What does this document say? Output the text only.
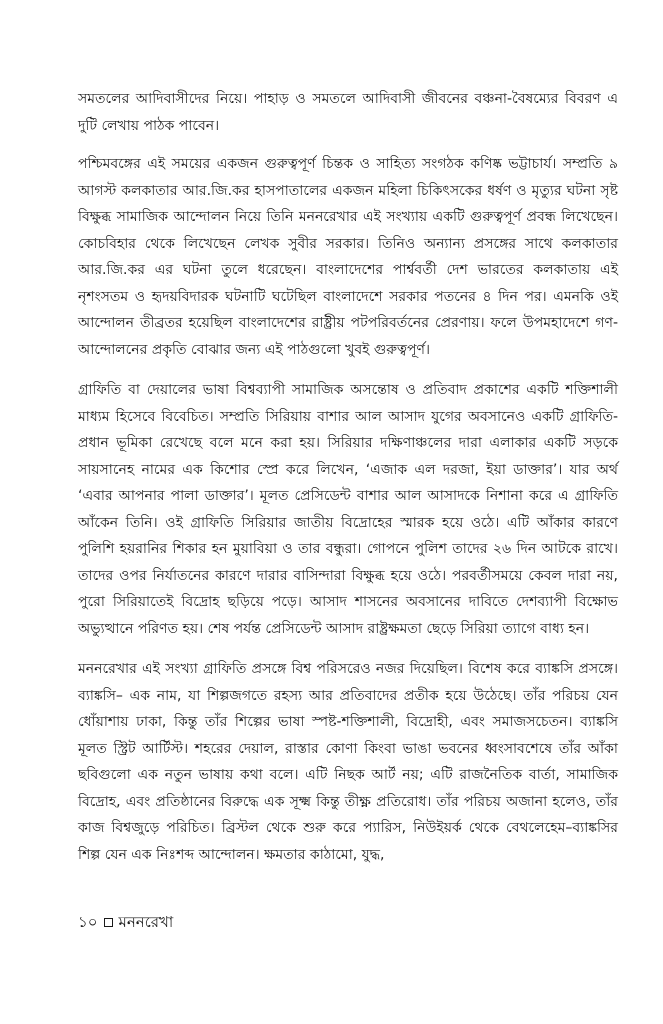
সমতলের আদিবাসীদের নিয়ে। পাহাড় ও সমতলে আদিবাসী জীবনের বঞ্চনা-বৈষম্যের বিবরণ এ দুটি লেখায় পাঠক পাবেন।

পশ্চিমবঙ্গের এই সময়ের একজন গুরুত্বপূর্ণ চিন্তক ও সাহিত্য সংগঠক কণিষ্ক ভট্টাচার্য। সম্প্রতি ৯ আগস্ট কলকাতার আর.জি.কর হাসপাতালের একজন মহিলা চিকিৎসকের ধর্ষণ ও মৃত্যুর ঘটনা সৃষ্ট বিক্ষুব্ধ সামাজিক আন্দোলন নিয়ে তিনি মননরেখার এই সংখ্যায় একটি গুরুত্বপূর্ণ প্রবন্ধ লিখেছেন। কোচবিহার থেকে লিখেছেন লেখক সুবীর সরকার। তিনিও অন্যান্য প্রসঙ্গের সাথে কলকাতার আর.জি.কর এর ঘটনা তুলে ধরেছেন। বাংলাদেশের পার্শ্ববর্তী দেশ ভারতের কলকাতায় এই নৃশংসতম ও হৃদয়বিদারক ঘটনাটি ঘটেছিল বাংলাদেশে সরকার পতনের ৪ দিন পর। এমনকি ওই আন্দোলন তীব্রতর হয়েছিল বাংলাদেশের রাষ্ট্রীয় পটপরিবর্তনের প্রেরণায়। ফলে উপমহাদেশে গণ-আন্দোলনের প্রকৃতি বোঝার জন্য এই পাঠগুলো খুবই গুরুত্বপূর্ণ।

গ্রাফিতি বা দেয়ালের ভাষা বিশ্বব্যাপী সামাজিক অসন্তোষ ও প্রতিবাদ প্রকাশের একটি শক্তিশালী মাধ্যম হিসেবে বিবেচিত। সম্প্রতি সিরিয়ায় বাশার আল আসাদ যুগের অবসানেও একটি গ্রাফিতি-প্রধান ভূমিকা রেখেছে বলে মনে করা হয়। সিরিয়ার দক্ষিণাঞ্চলের দারা এলাকার একটি সড়কে সায়সানেহ নামের এক কিশোর স্প্রে করে লিখেন, ‘এজাক এল দরজা, ইয়া ডাক্তার’। যার অর্থ ‘এবার আপনার পালা ডাক্তার’। মূলত প্রেসিডেন্ট বাশার আল আসাদকে নিশানা করে এ গ্রাফিতি আঁকেন তিনি। ওই গ্রাফিতি সিরিয়ার জাতীয় বিদ্রোহের স্মারক হয়ে ওঠে। এটি আঁকার কারণে পুলিশি হয়রানির শিকার হন মুয়াবিয়া ও তার বন্ধুরা। গোপনে পুলিশ তাদের ২৬ দিন আটকে রাখে। তাদের ওপর নির্যাতনের কারণে দারার বাসিন্দারা বিক্ষুব্ধ হয়ে ওঠে। পরবর্তীসময়ে কেবল দারা নয়, পুরো সিরিয়াতেই বিদ্রোহ ছড়িয়ে পড়ে। আসাদ শাসনের অবসানের দাবিতে দেশব্যাপী বিক্ষোভ অভ্যুত্থানে পরিণত হয়। শেষ পর্যন্ত প্রেসিডেন্ট আসাদ রাষ্ট্রক্ষমতা ছেড়ে সিরিয়া ত্যাগে বাধ্য হন।

মননরেখার এই সংখ্যা গ্রাফিতি প্রসঙ্গে বিশ্ব পরিসরেও নজর দিয়েছিল। বিশেষ করে ব্যাঙ্কসি প্রসঙ্গে। ব্যাঙ্কসি– এক নাম, যা শিল্পজগতে রহস্য আর প্রতিবাদের প্রতীক হয়ে উঠেছে। তাঁর পরিচয় যেন ধোঁয়াশায় ঢাকা, কিন্তু তাঁর শিল্পের ভাষা স্পষ্ট-শক্তিশালী, বিদ্রোহী, এবং সমাজসচেতন। ব্যাঙ্কসি মূলত স্ট্রিট আর্টিস্ট। শহরের দেয়াল, রাস্তার কোণা কিংবা ভাঙা ভবনের ধ্বংসাবশেষে তাঁর আঁকা ছবিগুলো এক নতুন ভাষায় কথা বলে। এটি নিছক আর্ট নয়; এটি রাজনৈতিক বার্তা, সামাজিক বিদ্রোহ, এবং প্রতিষ্ঠানের বিরুদ্ধে এক সূক্ষ্ম কিন্তু তীক্ষ্ণ প্রতিরোধ। তাঁর পরিচয় অজানা হলেও, তাঁর কাজ বিশ্বজুড়ে পরিচিত। ব্রিস্টল থেকে শুরু করে প্যারিস, নিউইয়র্ক থেকে বেথলেহেম–ব্যাঙ্কসির শিল্প যেন এক নিঃশব্দ আন্দোলন। ক্ষমতার কাঠামো, যুদ্ধ,

১০ মননরেখা
